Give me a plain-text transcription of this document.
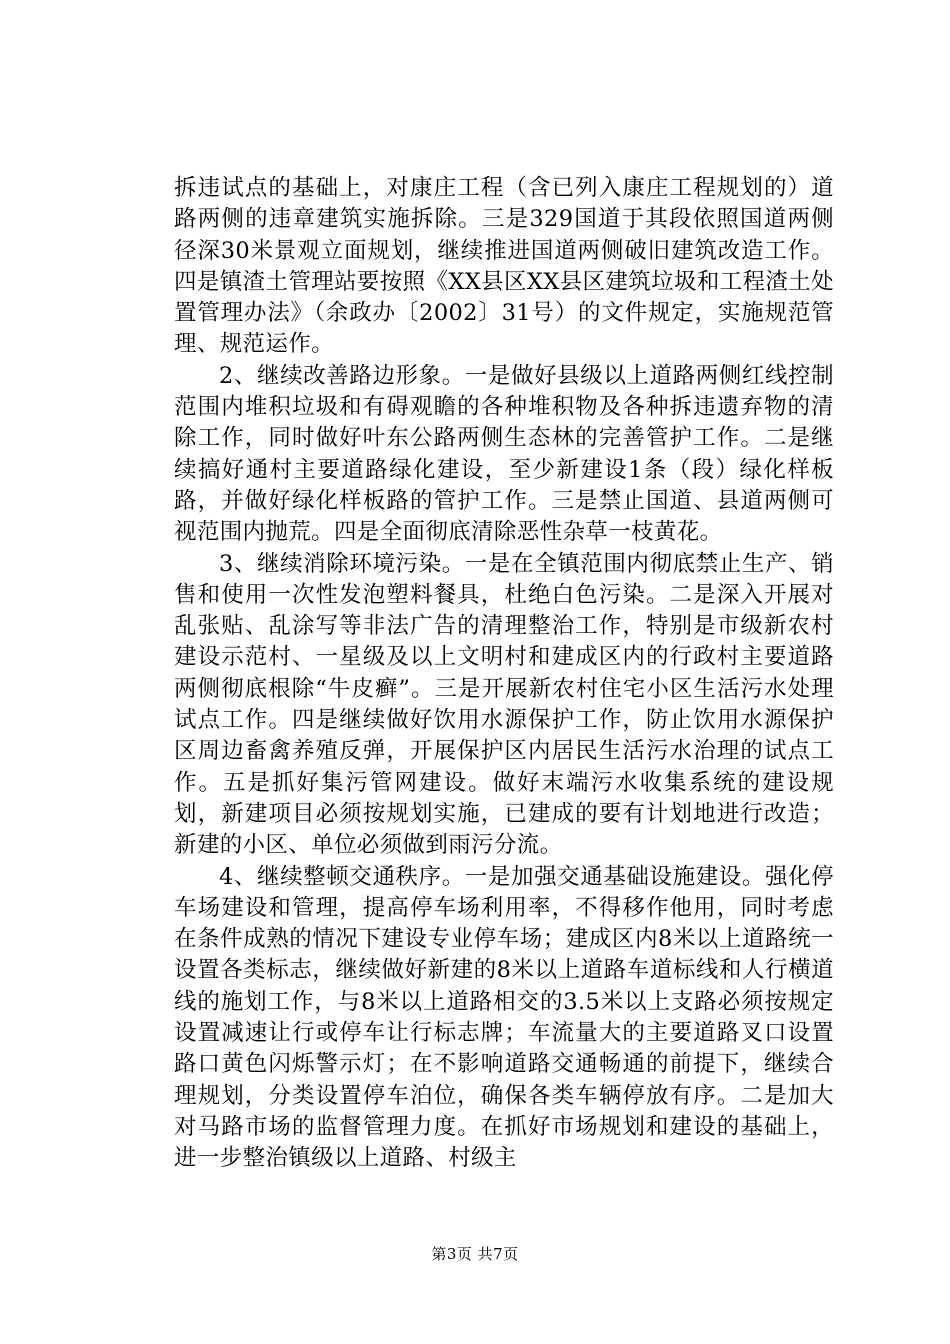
拆违试点的基础上，对康庄工程（含已列入康庄工程规划的）道路两侧的违章建筑实施拆除。三是329国道于其段依照国道两侧径深30米景观立面规划，继续推进国道两侧破旧建筑改造工作。四是镇渣土管理站要按照《XX县区XX县区建筑垃圾和工程渣土处置管理办法》（余政办〔2002〕31号）的文件规定，实施规范管理、规范运作。

2、继续改善路边形象。一是做好县级以上道路两侧红线控制范围内堆积垃圾和有碍观瞻的各种堆积物及各种拆违遗弃物的清除工作，同时做好叶东公路两侧生态林的完善管护工作。二是继续搞好通村主要道路绿化建设，至少新建设1条（段）绿化样板路，并做好绿化样板路的管护工作。三是禁止国道、县道两侧可视范围内抛荒。四是全面彻底清除恶性杂草一枝黄花。

3、继续消除环境污染。一是在全镇范围内彻底禁止生产、销售和使用一次性发泡塑料餐具，杜绝白色污染。二是深入开展对乱张贴、乱涂写等非法广告的清理整治工作，特别是市级新农村建设示范村、一星级及以上文明村和建成区内的行政村主要道路两侧彻底根除“牛皮癣”。三是开展新农村住宅小区生活污水处理试点工作。四是继续做好饮用水源保护工作，防止饮用水源保护区周边畜禽养殖反弹，开展保护区内居民生活污水治理的试点工作。五是抓好集污管网建设。做好末端污水收集系统的建设规划，新建项目必须按规划实施，已建成的要有计划地进行改造；新建的小区、单位必须做到雨污分流。

4、继续整顿交通秩序。一是加强交通基础设施建设。强化停车场建设和管理，提高停车场利用率，不得移作他用，同时考虑在条件成熟的情况下建设专业停车场；建成区内8米以上道路统一设置各类标志，继续做好新建的8米以上道路车道标线和人行横道线的施划工作，与8米以上道路相交的3.5米以上支路必须按规定设置减速让行或停车让行标志牌；车流量大的主要道路叉口设置路口黄色闪烁警示灯；在不影响道路交通畅通的前提下，继续合理规划，分类设置停车泊位，确保各类车辆停放有序。二是加大对马路市场的监督管理力度。在抓好市场规划和建设的基础上，进一步整治镇级以上道路、村级主

第3页 共7页
